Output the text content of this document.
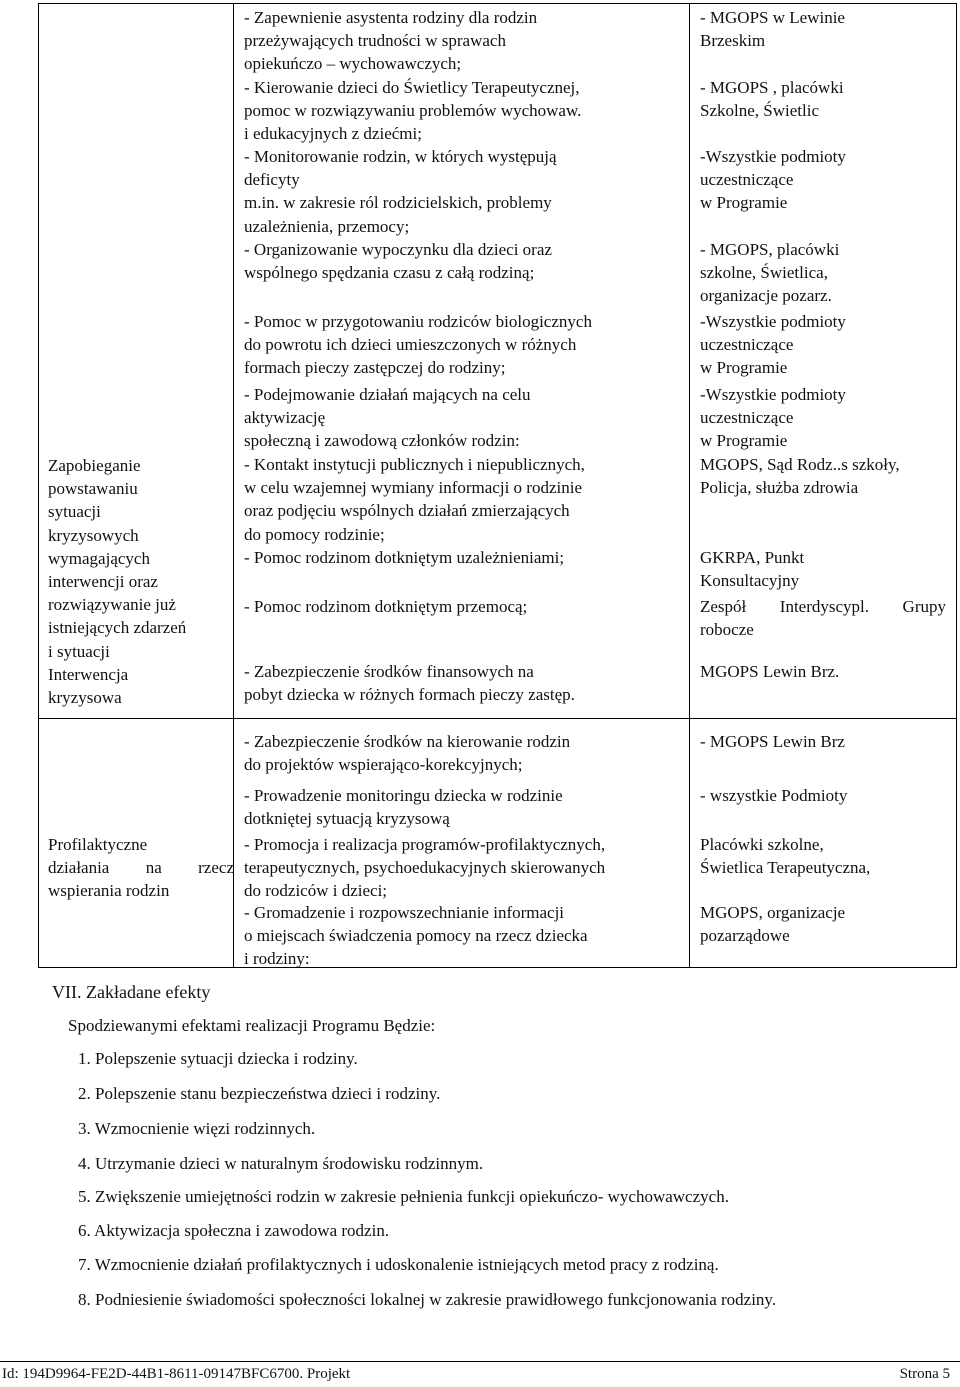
Zapobieganie
powstawaniu
sytuacji
kryzysowych
wymagających
interwencji oraz
rozwiązywanie już
istniejących zdarzeń
i sytuacji
Interwencja
kryzysowa
Profilaktyczne
działania na rzecz
wspierania rodzin
- Zapewnienie asystenta rodziny dla rodzin
przeżywających trudności w sprawach
opiekuńczo – wychowawczych;
- Kierowanie dzieci do Świetlicy Terapeutycznej,
pomoc w rozwiązywaniu problemów wychowaw.
i edukacyjnych z dziećmi;
- Monitorowanie rodzin, w których występują
deficyty
m.in. w zakresie ról rodzicielskich, problemy
uzależnienia, przemocy;
- Organizowanie wypoczynku dla dzieci oraz
wspólnego spędzania czasu z całą rodziną;
- Pomoc w przygotowaniu rodziców biologicznych
do powrotu ich dzieci umieszczonych w różnych
formach pieczy zastępczej do rodziny;
- Podejmowanie działań mających na celu
aktywizację
społeczną i zawodową członków rodzin:
- Kontakt instytucji publicznych i niepublicznych,
w celu wzajemnej wymiany informacji o rodzinie
oraz podjęciu wspólnych działań zmierzających
do pomocy rodzinie;
- Pomoc rodzinom dotkniętym uzależnieniami;
- Pomoc rodzinom dotkniętym przemocą;
- Zabezpieczenie środków finansowych na
pobyt dziecka w różnych formach pieczy zastęp.
- Zabezpieczenie środków na kierowanie rodzin
do projektów wspierająco-korekcyjnych;
- Prowadzenie monitoringu dziecka w rodzinie
dotkniętej sytuacją kryzysową
- Promocja i realizacja programów-profilaktycznych,
terapeutycznych, psychoedukacyjnych skierowanych
do rodziców i dzieci;
- Gromadzenie i rozpowszechnianie informacji
o miejscach świadczenia pomocy na rzecz dziecka
i rodziny:
- MGOPS w Lewinie
Brzeskim

- MGOPS , placówki
Szkolne, Świetlic
-Wszystkie podmioty
uczestniczące
w Programie
- MGOPS, placówki
szkolne, Świetlica,
organizacje pozarz.
-Wszystkie podmioty
uczestniczące
w Programie
-Wszystkie podmioty
uczestniczące
w Programie
MGOPS, Sąd Rodz..s szkoły,
Policja, służba zdrowia
GKRPA, Punkt
Konsultacyjny
Zespół Interdyscypl. Grupy
robocze
MGOPS Lewin Brz.
- MGOPS Lewin Brz
- wszystkie Podmioty
Placówki szkolne,
Świetlica Terapeutyczna,
MGOPS, organizacje
pozarządowe
VII. Zakładane efekty
Spodziewanymi efektami realizacji Programu Będzie:
1. Polepszenie sytuacji dziecka i rodziny.
2. Polepszenie stanu bezpieczeństwa dzieci i rodziny.
3. Wzmocnienie więzi rodzinnych.
4. Utrzymanie dzieci w naturalnym środowisku rodzinnym.
5. Zwiększenie umiejętności rodzin w zakresie pełnienia funkcji opiekuńczo- wychowawczych.
6. Aktywizacja społeczna i zawodowa rodzin.
7. Wzmocnienie działań profilaktycznych i udoskonalenie istniejących metod pracy z rodziną.
8. Podniesienie świadomości społeczności lokalnej w zakresie prawidłowego funkcjonowania rodziny.
Id: 194D9964-FE2D-44B1-8611-09147BFC6700. Projekt	Strona 5
